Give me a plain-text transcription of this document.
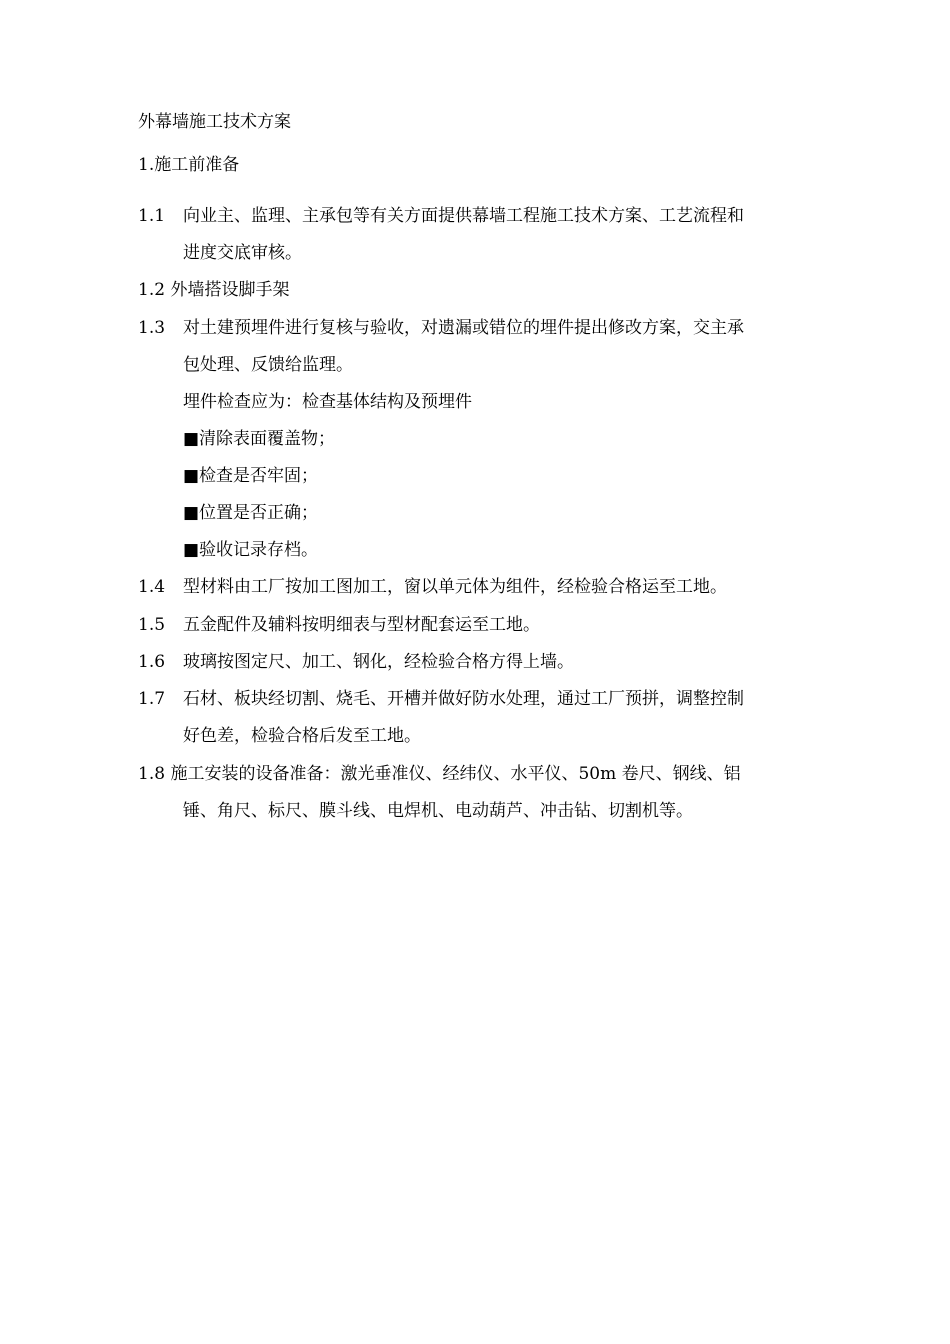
外幕墙施工技术方案
1.施工前准备
1.1 向业主、监理、主承包等有关方面提供幕墙工程施工技术方案、工艺流程和
进度交底审核。
1.2 外墙搭设脚手架
1.3 对土建预埋件进行复核与验收，对遗漏或错位的埋件提出修改方案，交主承
包处理、反馈给监理。
埋件检查应为：检查基体结构及预埋件
■清除表面覆盖物；
■检查是否牢固；
■位置是否正确；
■验收记录存档。
1.4 型材料由工厂按加工图加工，窗以单元体为组件，经检验合格运至工地。
1.5 五金配件及辅料按明细表与型材配套运至工地。
1.6 玻璃按图定尺、加工、钢化，经检验合格方得上墙。
1.7 石材、板块经切割、烧毛、开槽并做好防水处理，通过工厂预拼，调整控制
好色差，检验合格后发至工地。
1.8 施工安装的设备准备：激光垂准仪、经纬仪、水平仪、50m 卷尺、钢线、铝
锤、角尺、标尺、膜斗线、电焊机、电动葫芦、冲击钻、切割机等。
